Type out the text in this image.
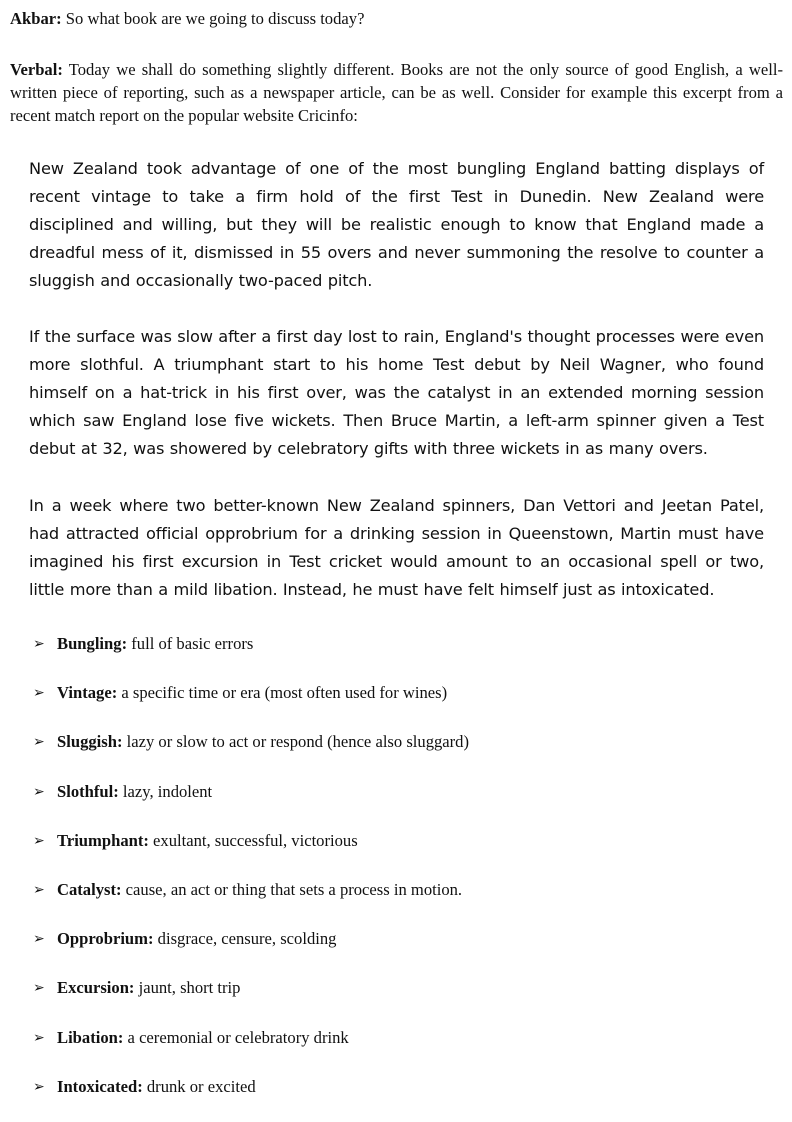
Akbar: So what book are we going to discuss today?
Verbal: Today we shall do something slightly different. Books are not the only source of good English, a well-written piece of reporting, such as a newspaper article, can be as well. Consider for example this excerpt from a recent match report on the popular website Cricinfo:

New Zealand took advantage of one of the most bungling England batting displays of recent vintage to take a firm hold of the first Test in Dunedin. New Zealand were disciplined and willing, but they will be realistic enough to know that England made a dreadful mess of it, dismissed in 55 overs and never summoning the resolve to counter a sluggish and occasionally two-paced pitch.

If the surface was slow after a first day lost to rain, England's thought processes were even more slothful. A triumphant start to his home Test debut by Neil Wagner, who found himself on a hat-trick in his first over, was the catalyst in an extended morning session which saw England lose five wickets. Then Bruce Martin, a left-arm spinner given a Test debut at 32, was showered by celebratory gifts with three wickets in as many overs.

In a week where two better-known New Zealand spinners, Dan Vettori and Jeetan Patel, had attracted official opprobrium for a drinking session in Queenstown, Martin must have imagined his first excursion in Test cricket would amount to an occasional spell or two, little more than a mild libation. Instead, he must have felt himself just as intoxicated.

➢ Bungling: full of basic errors
➢ Vintage: a specific time or era (most often used for wines)
➢ Sluggish: lazy or slow to act or respond (hence also sluggard)
➢ Slothful: lazy, indolent
➢ Triumphant: exultant, successful, victorious
➢ Catalyst: cause, an act or thing that sets a process in motion.
➢ Opprobrium: disgrace, censure, scolding
➢ Excursion: jaunt, short trip
➢ Libation: a ceremonial or celebratory drink
➢ Intoxicated: drunk or excited
